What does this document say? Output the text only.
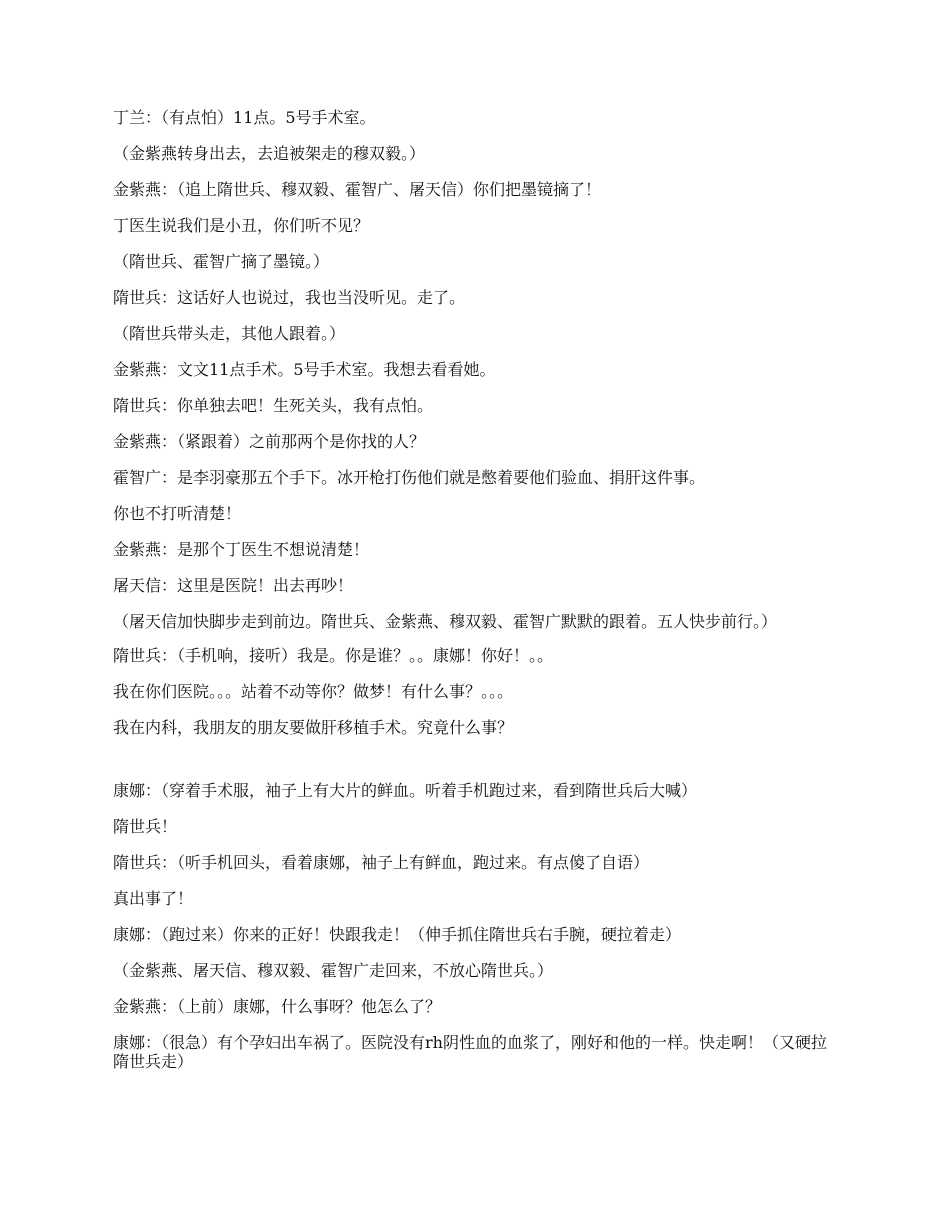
丁兰：（有点怕）11点。5号手术室。

（金紫燕转身出去，去追被架走的穆双毅。）

金紫燕：（追上隋世兵、穆双毅、霍智广、屠天信）你们把墨镜摘了！

丁医生说我们是小丑，你们听不见？

（隋世兵、霍智广摘了墨镜。）

隋世兵：这话好人也说过，我也当没听见。走了。

（隋世兵带头走，其他人跟着。）

金紫燕：文文11点手术。5号手术室。我想去看看她。

隋世兵：你单独去吧！生死关头，我有点怕。

金紫燕：（紧跟着）之前那两个是你找的人？

霍智广：是李羽豪那五个手下。冰开枪打伤他们就是憋着要他们验血、捐肝这件事。

你也不打听清楚！

金紫燕：是那个丁医生不想说清楚！

屠天信：这里是医院！出去再吵！

（屠天信加快脚步走到前边。隋世兵、金紫燕、穆双毅、霍智广默默的跟着。五人快步前行。）

隋世兵：（手机响，接听）我是。你是谁？。。康娜！你好！。。

我在你们医院。。。站着不动等你？做梦！有什么事？。。。

我在内科，我朋友的朋友要做肝移植手术。究竟什么事？

康娜：（穿着手术服，袖子上有大片的鲜血。听着手机跑过来，看到隋世兵后大喊）

隋世兵！

隋世兵：（听手机回头，看着康娜，袖子上有鲜血，跑过来。有点傻了自语）

真出事了！

康娜：（跑过来）你来的正好！快跟我走！（伸手抓住隋世兵右手腕，硬拉着走）

（金紫燕、屠天信、穆双毅、霍智广走回来，不放心隋世兵。）

金紫燕：（上前）康娜，什么事呀？他怎么了？

康娜：（很急）有个孕妇出车祸了。医院没有rh阴性血的血浆了，刚好和他的一样。快走啊！（又硬拉隋世兵走）
